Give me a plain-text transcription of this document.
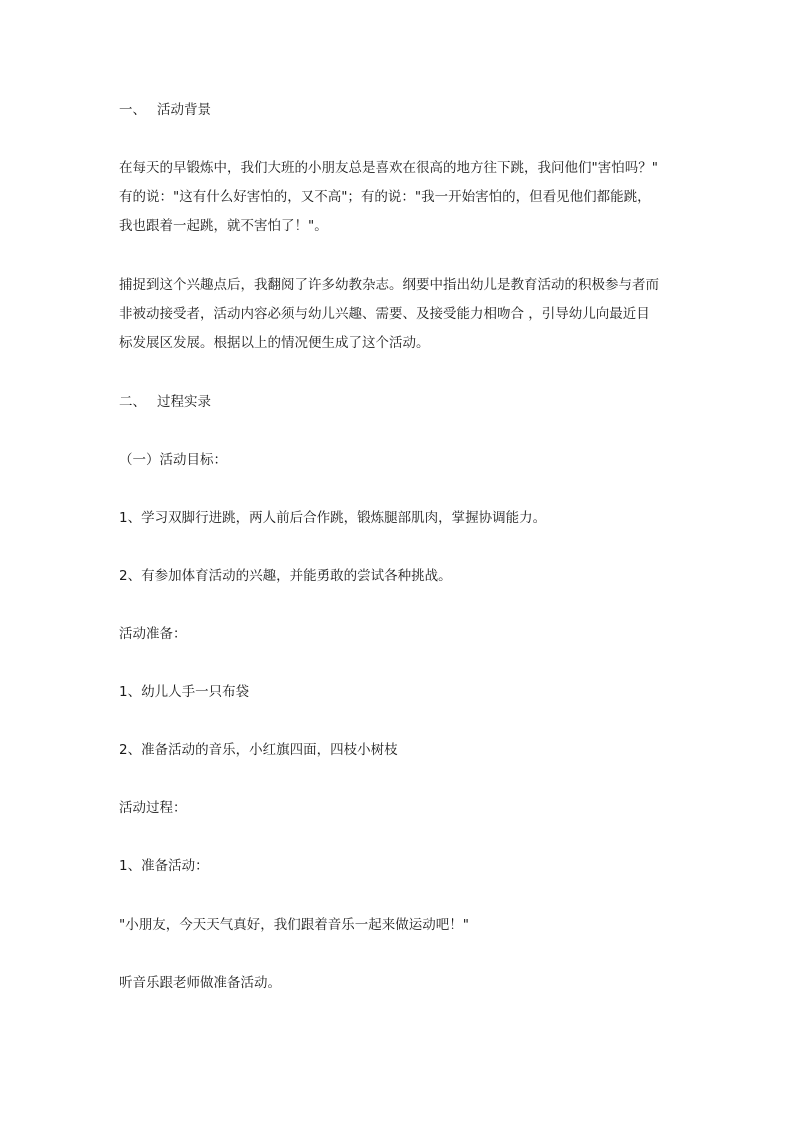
一、 活动背景
在每天的早锻炼中，我们大班的小朋友总是喜欢在很高的地方往下跳，我问他们"害怕吗？"
有的说："这有什么好害怕的，又不高"；有的说："我一开始害怕的，但看见他们都能跳，
我也跟着一起跳，就不害怕了！"。
捕捉到这个兴趣点后，我翻阅了许多幼教杂志。纲要中指出幼儿是教育活动的积极参与者而
非被动接受者，活动内容必须与幼儿兴趣、需要、及接受能力相吻合 ，引导幼儿向最近目
标发展区发展。根据以上的情况便生成了这个活动。
二、 过程实录
（一）活动目标：
1、学习双脚行进跳，两人前后合作跳，锻炼腿部肌肉，掌握协调能力。
2、有参加体育活动的兴趣，并能勇敢的尝试各种挑战。
活动准备：
1、幼儿人手一只布袋
2、准备活动的音乐，小红旗四面，四枝小树枝
活动过程：
1、准备活动：
"小朋友，今天天气真好，我们跟着音乐一起来做运动吧！"
听音乐跟老师做准备活动。
